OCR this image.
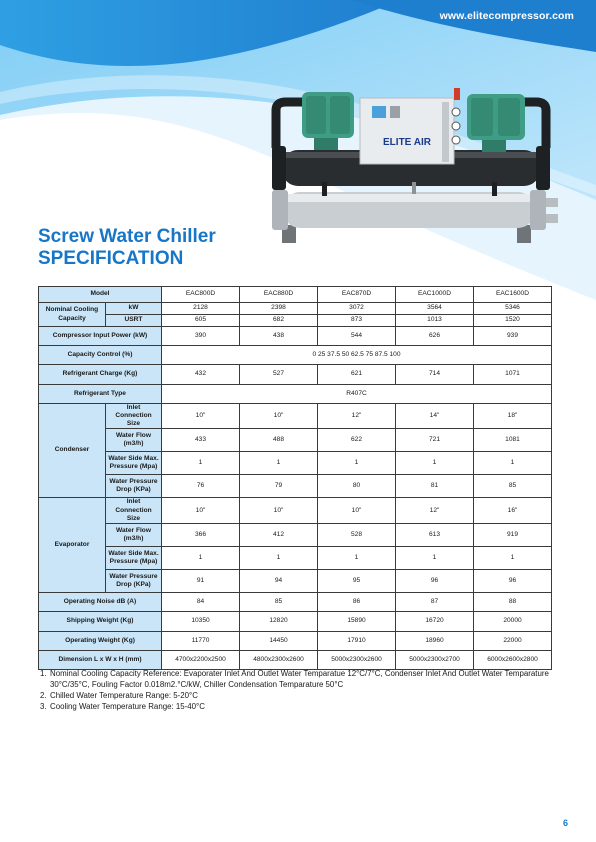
www.elitecompressor.com
ELITE AIR
Screw Water Chiller
SPECIFICATION
Model		EAC800D	EAC880D	EAC870D	EAC1000D	EAC1600D
Nominal Cooling Capacity	kW	2128	2398	3072	3564	5346
	USRT	605	682	873	1013	1520
Compressor Input Power (kW)		390	438	544	626	939
Capacity Control (%)		0 25 37.5 50 62.5 75 87.5 100				
Refrigerant Charge (Kg)		432	527	621	714	1071
Refrigerant Type		R407C				
Condenser	Inlet Connection Size	10"	10"	12"	14"	18"
	Water Flow (m3/h)	433	488	622	721	1081
	Water Side Max. Pressure (Mpa)	1	1	1	1	1
	Water Pressure Drop (KPa)	76	79	80	81	85
Evaporator	Inlet Connection Size	10"	10"	10"	12"	16"
	Water Flow (m3/h)	366	412	528	613	919
	Water Side Max. Pressure (Mpa)	1	1	1	1	1
	Water Pressure Drop (KPa)	91	94	95	96	96
Operating Noise dB (A)		84	85	86	87	88
Shipping Weight (Kg)		10350	12820	15890	16720	20000
Operating Weight (Kg)		11770	14450	17910	18960	22000
Dimension L x W x H (mm)		4700x2200x2500	4800x2300x2600	5000x2300x2600	5000x2300x2700	6000x2600x2800
1. Nominal Cooling Capacity Reference: Evaporater Inlet And Outlet Water Temparatue 12°C/7°C, Condenser Inlet And Outlet Water Temparature 30°C/35°C, Fouling Factor 0.018m2.°C/kW, Chiller Condensation Temparature 50°C
2. Chilled Water Temperature Range: 5-20°C
3. Cooling Water Temperature Range: 15-40°C
6
